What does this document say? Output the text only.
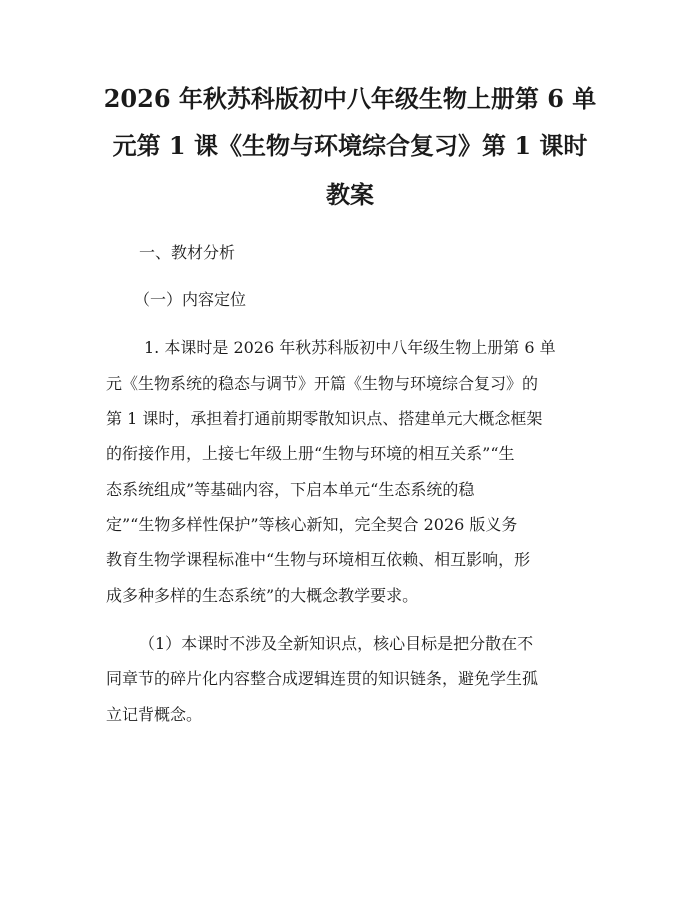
2026 年秋苏科版初中八年级生物上册第 6 单
元第 1 课《生物与环境综合复习》第 1 课时
教案

一、教材分析

（一）内容定位

1. 本课时是 2026 年秋苏科版初中八年级生物上册第 6 单

元《生物系统的稳态与调节》开篇《生物与环境综合复习》的

第 1 课时，承担着打通前期零散知识点、搭建单元大概念框架

的衔接作用，上接七年级上册“生物与环境的相互关系”“生

态系统组成”等基础内容，下启本单元“生态系统的稳

定”“生物多样性保护”等核心新知，完全契合 2026 版义务

教育生物学课程标准中“生物与环境相互依赖、相互影响，形

成多种多样的生态系统”的大概念教学要求。

（1）本课时不涉及全新知识点，核心目标是把分散在不

同章节的碎片化内容整合成逻辑连贯的知识链条，避免学生孤

立记背概念。
